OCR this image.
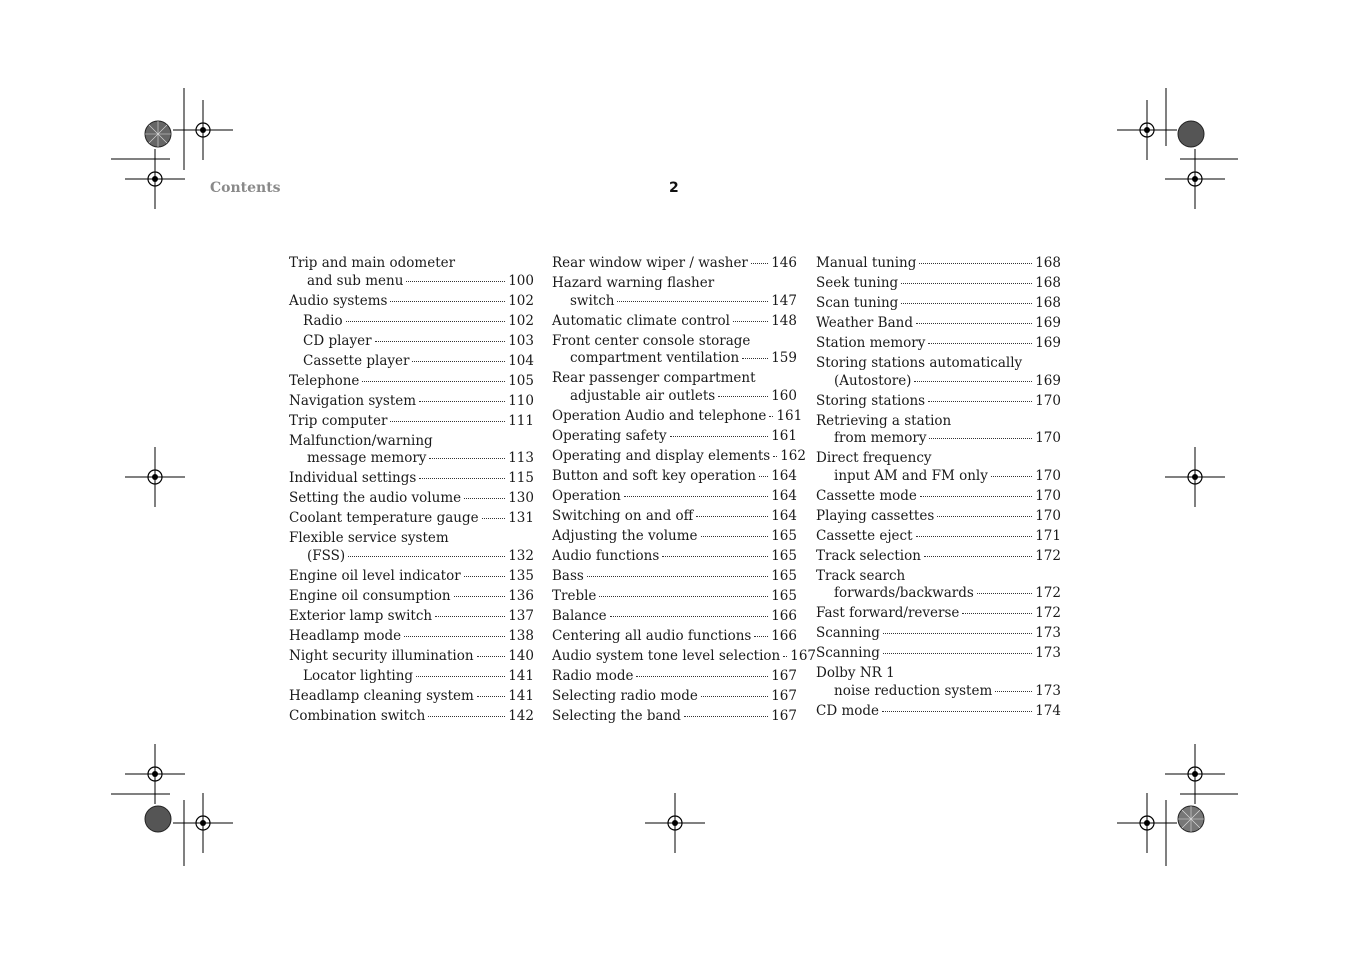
Contents	2
Trip and main odometer
and sub menu	100
Audio systems	102
Radio	102
CD player	103
Cassette player	104
Telephone	105
Navigation system	110
Trip computer	111
Malfunction/warning
message memory	113
Individual settings	115
Setting the audio volume	130
Coolant temperature gauge 131
Flexible service system
(FSS)	132
Engine oil level indicator	135
Engine oil consumption	136
Exterior lamp switch	137
Headlamp mode	138
Night security illumination	140
Locator lighting	141
Headlamp cleaning system	141
Combination switch	142
Rear window wiper / washer 146
Hazard warning flasher
switch	147
Automatic climate control	148
Front center console storage
compartment ventilation 159
Rear passenger compartment
adjustable air outlets	160
Operation Audio and telephone 161
Operating safety	161
Operating and display elements 162
Button and soft key operation 164
Operation	164
Switching on and off	164
Adjusting the volume	165
Audio functions	165
Bass	165
Treble	165
Balance	166
Centering all audio functions 166
Audio system tone level selection 167
Radio mode	167
Selecting radio mode	167
Selecting the band	167
Manual tuning	168
Seek tuning	168
Scan tuning	168
Weather Band	169
Station memory	169
Storing stations automatically
(Autostore)	169
Storing stations	170
Retrieving a station
from memory	170
Direct frequency
input AM and FM only	170
Cassette mode	170
Playing cassettes	170
Cassette eject	171
Track selection	172
Track search
forwards/backwards	172
Fast forward/reverse	172
Scanning	173
Scanning	173
Dolby NR 1
noise reduction system	173
CD mode	174
